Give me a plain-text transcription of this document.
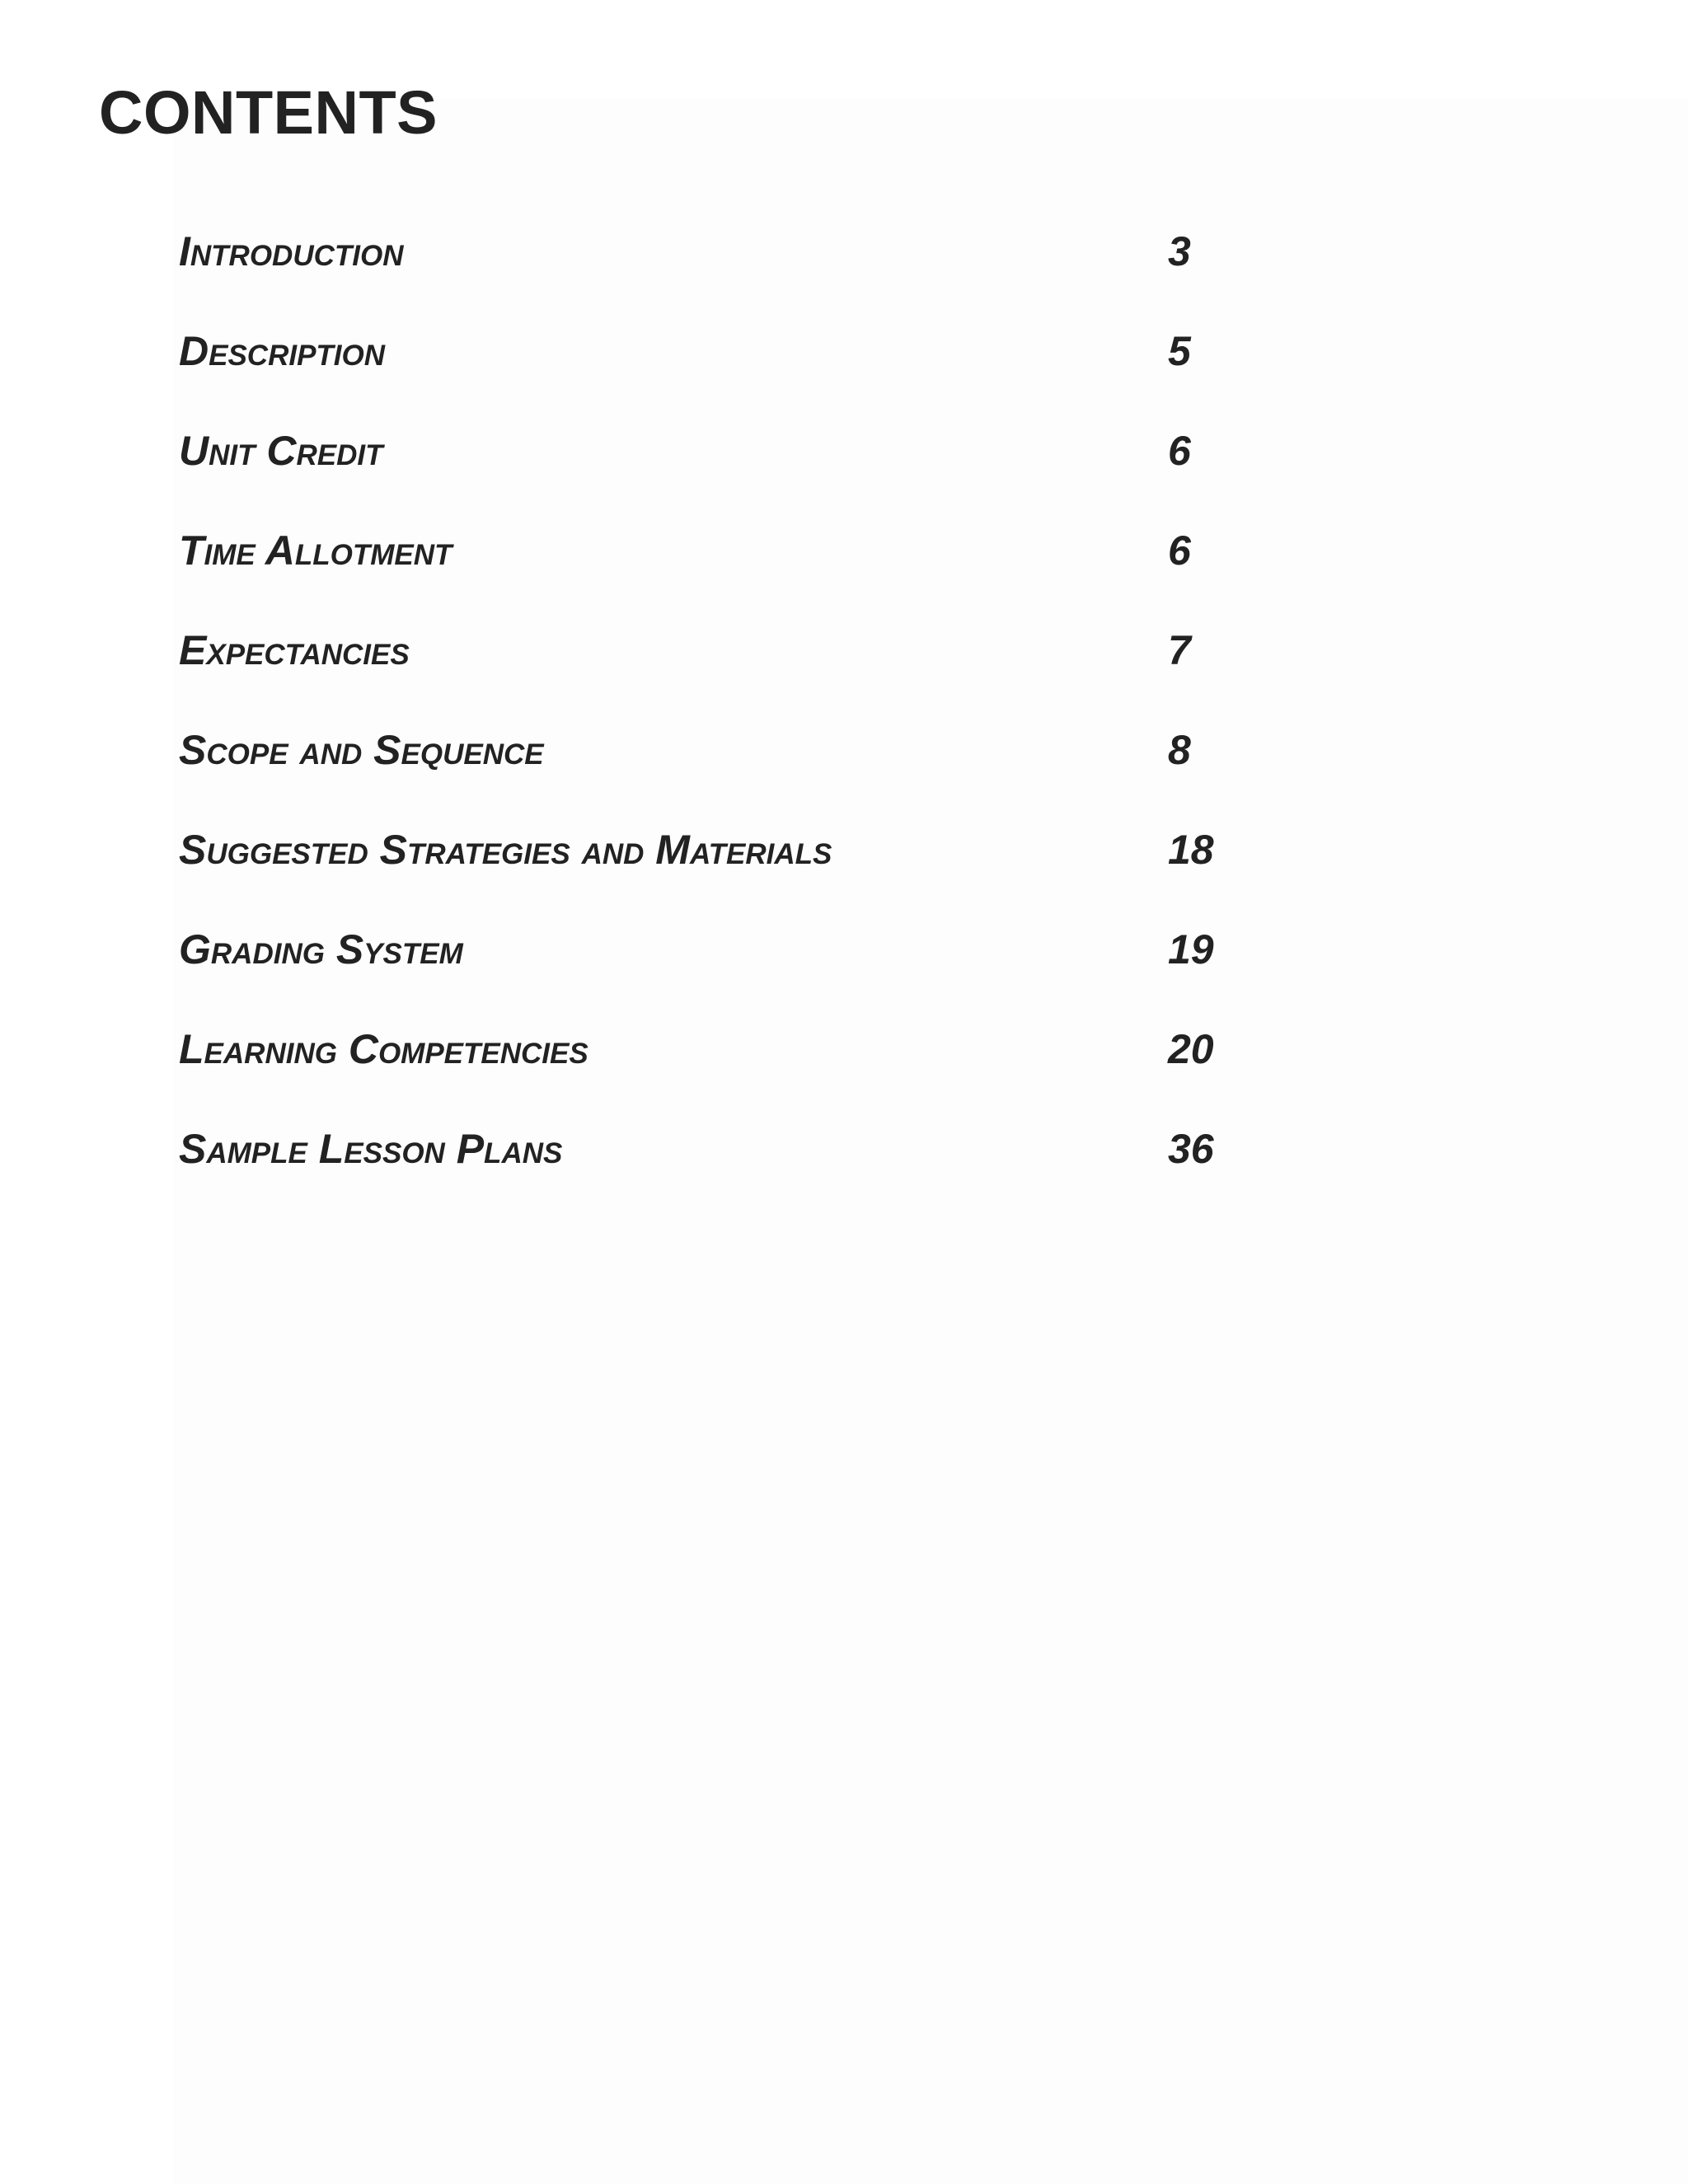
CONTENTS
Introduction	3
Description	5
Unit Credit	6
Time Allotment	6
Expectancies	7
Scope and Sequence	8
Suggested Strategies and Materials	18
Grading System	19
Learning Competencies	20
Sample Lesson Plans	36
